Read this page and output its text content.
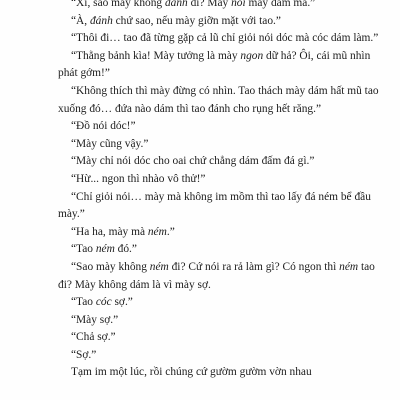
“Xì, sao mày không đánh đi? Mày nói mày dám mà.”

“À, đánh chứ sao, nếu mày giỡn mặt với tao.”

“Thôi đi… tao đã từng gặp cả lũ chỉ giỏi nói dóc mà cóc dám làm.”

“Thằng bảnh kìa! Mày tưởng là mày ngon dữ hả? Ôi, cái mũ nhìn phát gớm!”

“Không thích thì mày đừng có nhìn. Tao thách mày dám hất mũ tao xuống đó… đứa nào dám thì tao đánh cho rụng hết răng.”

“Đồ nói dóc!”

“Mày cũng vậy.”

“Mày chỉ nói dóc cho oai chứ chẳng dám đấm đá gì.”

“Hừ... ngon thì nhào vô thử!”

“Chỉ giỏi nói… mày mà không im mồm thì tao lấy đá ném bể đầu mày.”

“Ha ha, mày mà ném.”

“Tao ném đó.”

“Sao mày không ném đi? Cứ nói ra rả làm gì? Có ngon thì ném tao đi? Mày không dám là vì mày sợ.

“Tao cóc sợ.”

“Mày sợ.”

“Chả sợ.”

“Sợ.”

Tạm im một lúc, rồi chúng cứ gườm gườm vờn nhau
